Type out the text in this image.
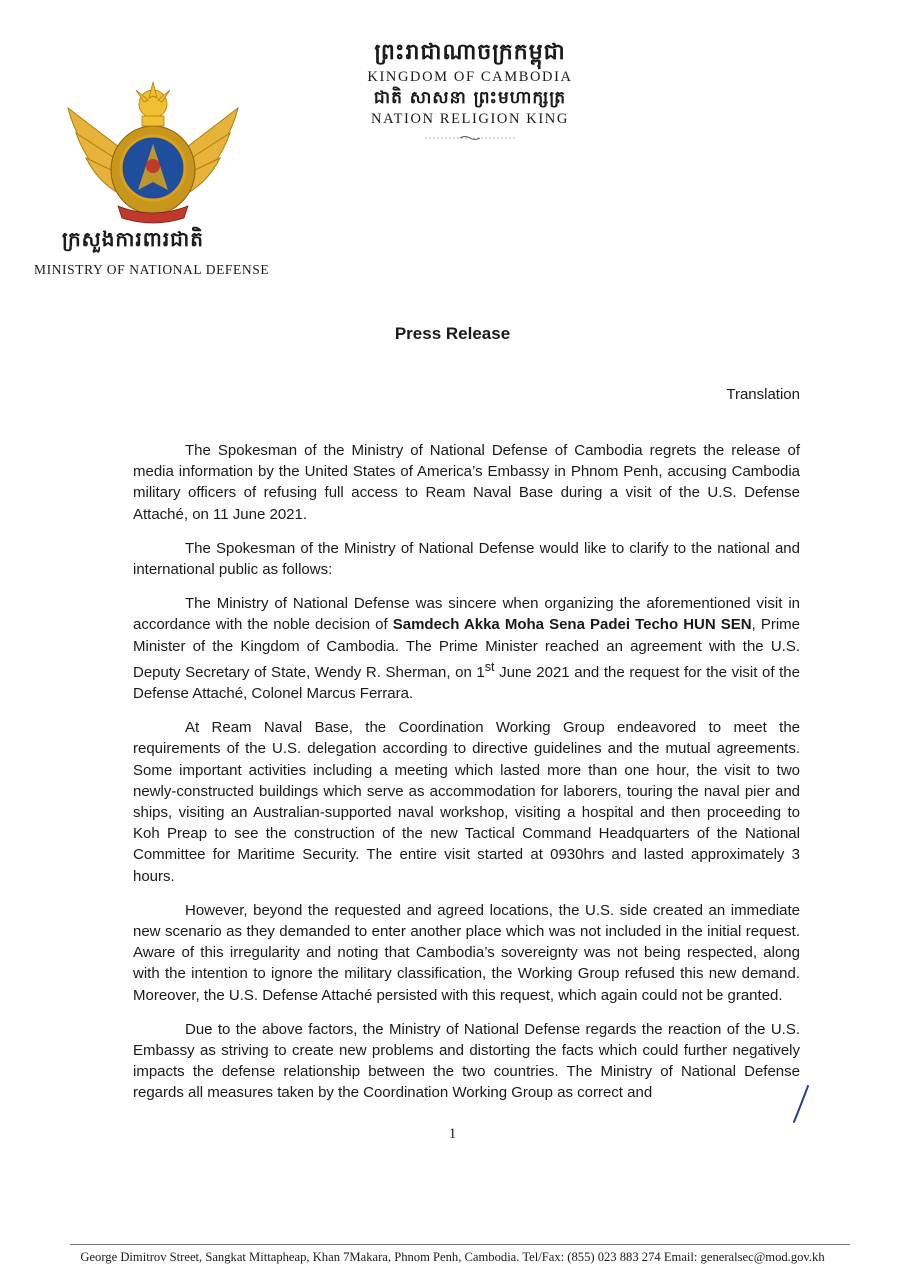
ព្រះរាជាណាចក្រកម្ពុជា
KINGDOM OF CAMBODIA
ជាតិ សាសនា ព្រះមហាក្សត្រ
NATION RELIGION KING
ក្រសួងការពារជាតិ
MINISTRY OF NATIONAL DEFENSE
Press Release
Translation

The Spokesman of the Ministry of National Defense of Cambodia regrets the release of media information by the United States of America’s Embassy in Phnom Penh, accusing Cambodia military officers of refusing full access to Ream Naval Base during a visit of the U.S. Defense Attaché, on 11 June 2021.

The Spokesman of the Ministry of National Defense would like to clarify to the national and international public as follows:

The Ministry of National Defense was sincere when organizing the aforementioned visit in accordance with the noble decision of Samdech Akka Moha Sena Padei Techo HUN SEN, Prime Minister of the Kingdom of Cambodia. The Prime Minister reached an agreement with the U.S. Deputy Secretary of State, Wendy R. Sherman, on 1st June 2021 and the request for the visit of the Defense Attaché, Colonel Marcus Ferrara.

At Ream Naval Base, the Coordination Working Group endeavored to meet the requirements of the U.S. delegation according to directive guidelines and the mutual agreements. Some important activities including a meeting which lasted more than one hour, the visit to two newly-constructed buildings which serve as accommodation for laborers, touring the naval pier and ships, visiting an Australian-supported naval workshop, visiting a hospital and then proceeding to Koh Preap to see the construction of the new Tactical Command Headquarters of the National Committee for Maritime Security. The entire visit started at 0930hrs and lasted approximately 3 hours.

However, beyond the requested and agreed locations, the U.S. side created an immediate new scenario as they demanded to enter another place which was not included in the initial request. Aware of this irregularity and noting that Cambodia’s sovereignty was not being respected, along with the intention to ignore the military classification, the Working Group refused this new demand. Moreover, the U.S. Defense Attaché persisted with this request, which again could not be granted.

Due to the above factors, the Ministry of National Defense regards the reaction of the U.S. Embassy as striving to create new problems and distorting the facts which could further negatively impacts the defense relationship between the two countries. The Ministry of National Defense regards all measures taken by the Coordination Working Group as correct and

1
George Dimitrov Street, Sangkat Mittapheap, Khan 7Makara, Phnom Penh, Cambodia. Tel/Fax: (855) 023 883 274 Email: generalsec@mod.gov.kh
